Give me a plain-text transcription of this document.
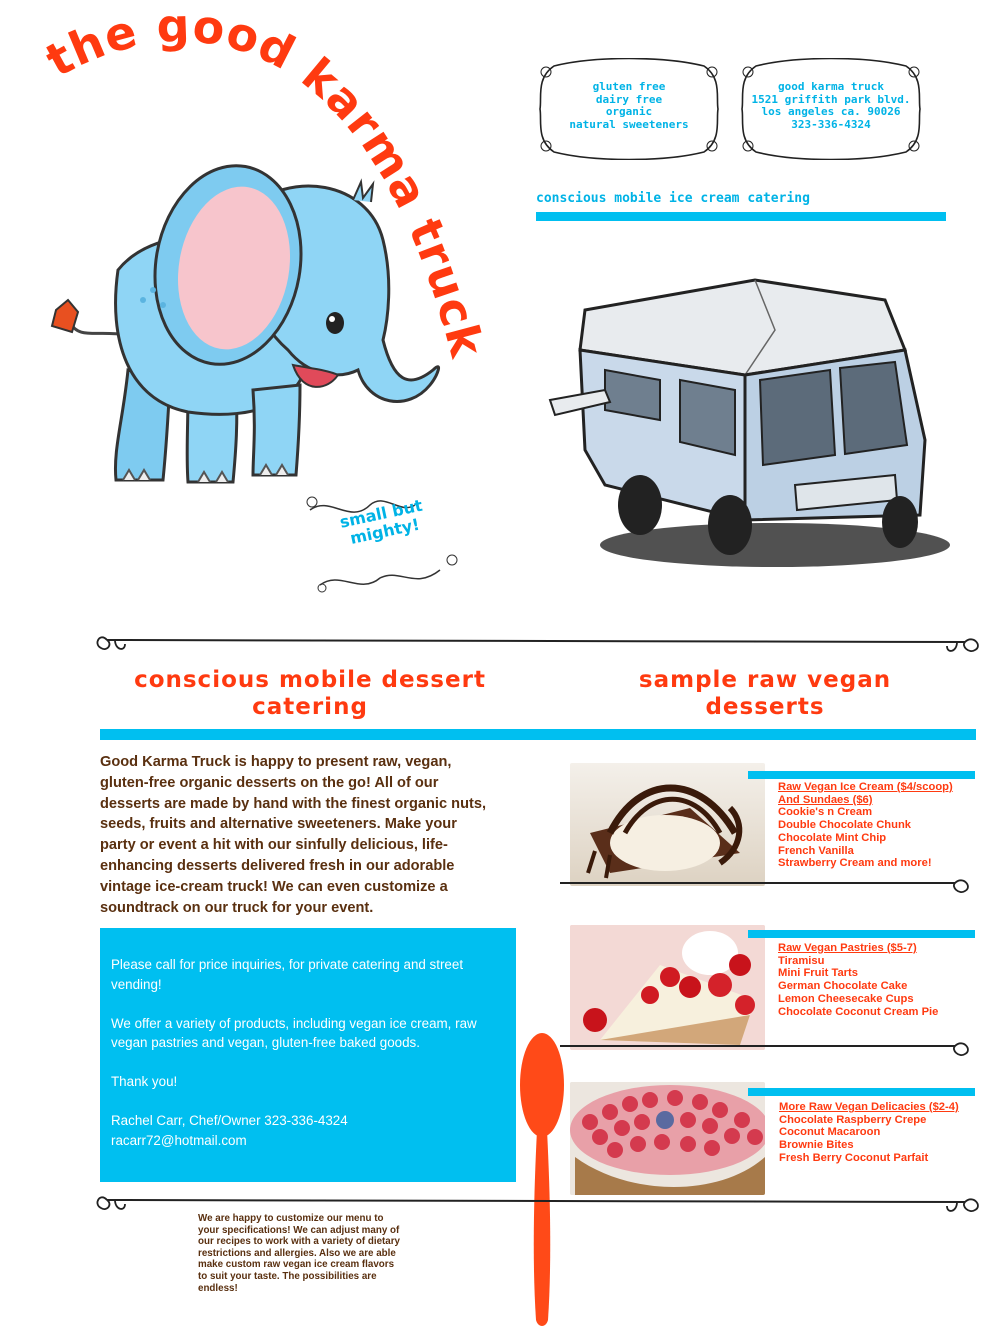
the good karma truck
small but mighty!
gluten free
dairy free
organic
natural sweeteners
good karma truck
1521 griffith park blvd.
los angeles ca. 90026
323-336-4324
conscious mobile ice cream catering
conscious mobile dessert
catering
sample raw vegan
desserts
Good Karma Truck is happy to present raw, vegan, gluten-free organic desserts on the go! All of our desserts are made by hand with the finest organic nuts, seeds, fruits and alternative sweeteners. Make your party or event a hit with our sinfully delicious, life-enhancing desserts delivered fresh in our adorable vintage ice-cream truck! We can even customize a soundtrack on our truck for your event.

Please call for price inquiries, for private catering and street vending!

We offer a variety of products, including vegan ice cream, raw vegan pastries and vegan, gluten-free baked goods.

Thank you!

Rachel Carr, Chef/Owner 323-336-4324
racarr72@hotmail.com
Raw Vegan Ice Cream ($4/scoop)
And Sundaes ($6)
Cookie's n Cream
Double Chocolate Chunk
Chocolate Mint Chip
French Vanilla
Strawberry Cream and more!
Raw Vegan Pastries ($5-7)
Tiramisu
Mini Fruit Tarts
German Chocolate Cake
Lemon Cheesecake Cups
Chocolate Coconut Cream Pie
More Raw Vegan Delicacies ($2-4)
Chocolate Raspberry Crepe
Coconut Macaroon
Brownie Bites
Fresh Berry Coconut Parfait
We are happy to customize our menu to
your specifications! We can adjust many of
our recipes to work with a variety of dietary
restrictions and allergies. Also we are able
make custom raw vegan ice cream flavors
to suit your taste. The possibilities are
endless!
